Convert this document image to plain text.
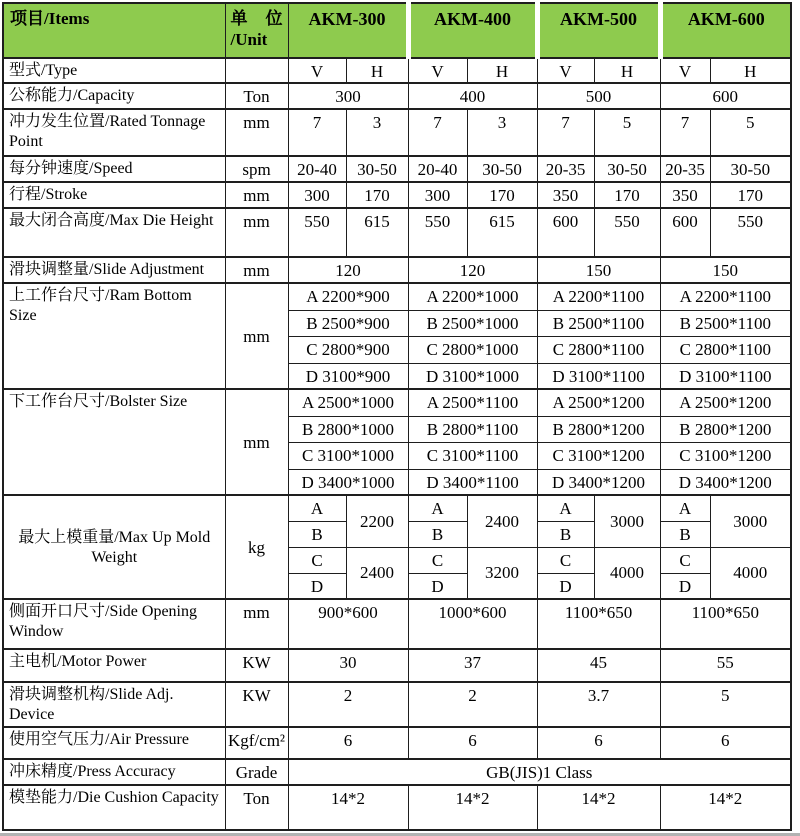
项目/Items	单 位
/Unit	AKM-300		AKM-400		AKM-500		AKM-600	
型式/Type		V	H	V	H	V	H	V	H
公称能力/Capacity	Ton	300		400		500		600	
冲力发生位置/Rated Tonnage Point	mm	7	3	7	3	7	5	7	5
每分钟速度/Speed	spm	20-40	30-50	20-40	30-50	20-35	30-50	20-35	30-50
行程/Stroke	mm	300	170	300	170	350	170	350	170
最大闭合高度/Max Die Height	mm	550	615	550	615	600	550	600	550
滑块调整量/Slide Adjustment	mm	120		120		150		150	
上工作台尺寸/Ram Bottom Size	mm	A 2200*900		A 2200*1000		A 2200*1100		A 2200*1100	
		B 2500*900		B 2500*1000		B 2500*1100		B 2500*1100	
		C 2800*900		C 2800*1000		C 2800*1100		C 2800*1100	
		D 3100*900		D 3100*1000		D 3100*1100		D 3100*1100	
下工作台尺寸/Bolster Size	mm	A 2500*1000		A 2500*1100		A 2500*1200		A 2500*1200	
		B 2800*1000		B 2800*1100		B 2800*1200		B 2800*1200	
		C 3100*1000		C 3100*1100		C 3100*1200		C 3100*1200	
		D 3400*1000		D 3400*1100		D 3400*1200		D 3400*1200	
最大上模重量/Max Up Mold Weight	kg	A	2200	A	2400	A	3000	A	3000
		B		B		B		B	
		C	2400	C	3200	C	4000	C	4000
		D		D		D		D	
侧面开口尺寸/Side Opening Window	mm	900*600		1000*600		1100*650		1100*650	
主电机/Motor Power	KW	30		37		45		55	
滑块调整机构/Slide Adj. Device	KW	2		2		3.7		5	
使用空气压力/Air Pressure	Kgf/cm²	6		6		6		6	
冲床精度/Press Accuracy	Grade	GB(JIS)1 Class							
模垫能力/Die Cushion Capacity	Ton	14*2		14*2		14*2		14*2	
